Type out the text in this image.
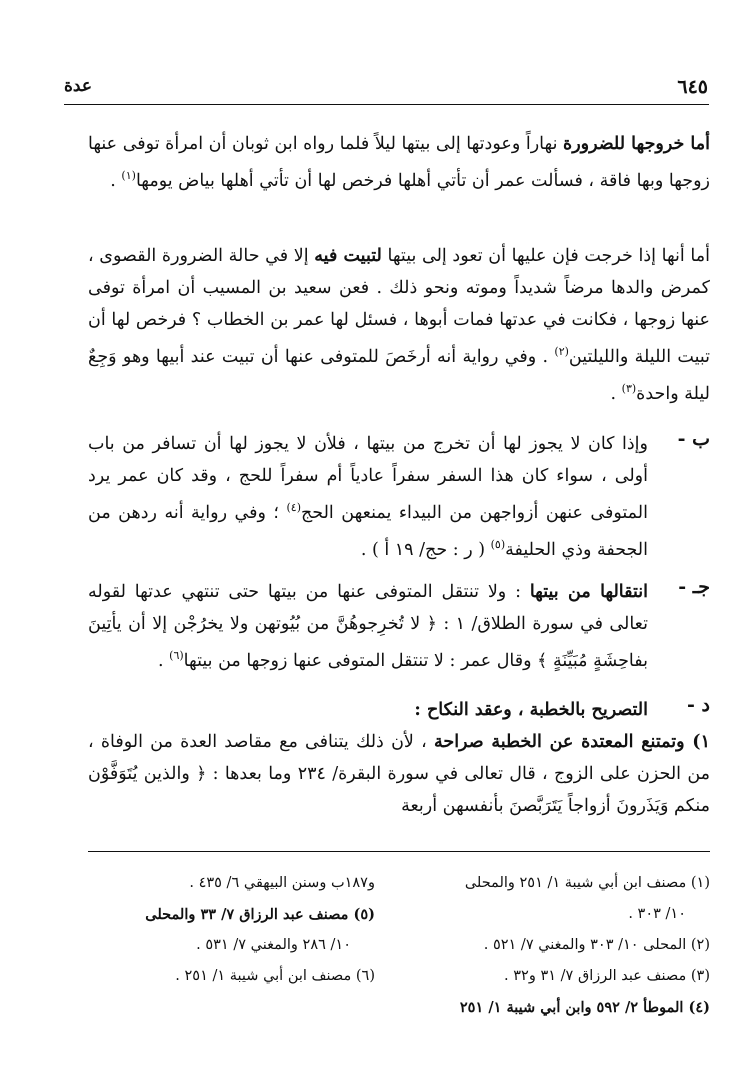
٦٤٥
عدة

أما خروجها للضرورة نهاراً وعودتها إلى بيتها ليلاً فلما رواه ابن ثوبان أن امرأة توفى عنها زوجها وبها فاقة ، فسألت عمر أن تأتي أهلها فرخص لها أن تأتي أهلها بياض يومها$^{(١)}$ .

أما أنها إذا خرجت فإن عليها أن تعود إلى بيتها لتبيت فيه إلا في حالة الضرورة القصوى ، كمرض والدها مرضاً شديداً وموته ونحو ذلك . فعن سعيد بن المسيب أن امرأة توفى عنها زوجها ، فكانت في عدتها فمات أبوها ، فسئل لها عمر بن الخطاب ؟ فرخص لها أن تبيت الليلة والليلتين$^{(٢)}$ . وفي رواية أنه أرخَصَ للمتوفى عنها أن تبيت عند أبيها وهو وَجِعٌ ليلة واحدة$^{(٣)}$ .

ب -
وإذا كان لا يجوز لها أن تخرج من بيتها ، فلأن لا يجوز لها أن تسافر من باب أولى ، سواء كان هذا السفر سفراً عادياً أم سفراً للحج ، وقد كان عمر يرد المتوفى عنهن أزواجهن من البيداء يمنعهن الحج$^{(٤)}$ ؛ وفي رواية أنه ردهن من الجحفة وذي الحليفة$^{(٥)}$ ( ر : حج/ ١٩ أ ) .
جـ -
انتقالها من بيتها : ولا تنتقل المتوفى عنها من بيتها حتى تنتهي عدتها لقوله تعالى في سورة الطلاق/ ١ : ﴿ لا تُخرِجوهُنَّ من بُيُوتهن ولا يخرُجْن إلا أن يأتِينَ بفاحِشَةٍ مُبَيِّنَةٍ ﴾ وقال عمر : لا تنتقل المتوفى عنها زوجها من بيتها$^{(٦)}$ .
د -
التصريح بالخطبة ، وعقد النكاح :

١) وتمتنع المعتدة عن الخطبة صراحة ، لأن ذلك يتنافى مع مقاصد العدة من الوفاة ، من الحزن على الزوج ، قال تعالى في سورة البقرة/ ٢٣٤ وما بعدها : ﴿ والذين يُتَوَفَّوْن منكم وَيَذَرونَ أزواجاً يَتَرَبَّصنَ بأنفسهن أربعة

(١) مصنف ابن أبي شيبة ١/ ٢٥١ والمحلى
١٠/ ٣٠٣ .
(٢) المحلى ١٠/ ٣٠٣ والمغني ٧/ ٥٢١ .
(٣) مصنف عبد الرزاق ٧/ ٣١ و٣٢ .
(٤) الموطأ ٢/ ٥٩٢ وابن أبي شيبة ١/ ٢٥١
و١٨٧ب وسنن البيهقي ٦/ ٤٣٥ .
(٥) مصنف عبد الرزاق ٧/ ٣٣ والمحلى
١٠/ ٢٨٦ والمغني ٧/ ٥٣١ .
(٦) مصنف ابن أبي شيبة ١/ ٢٥١ .
